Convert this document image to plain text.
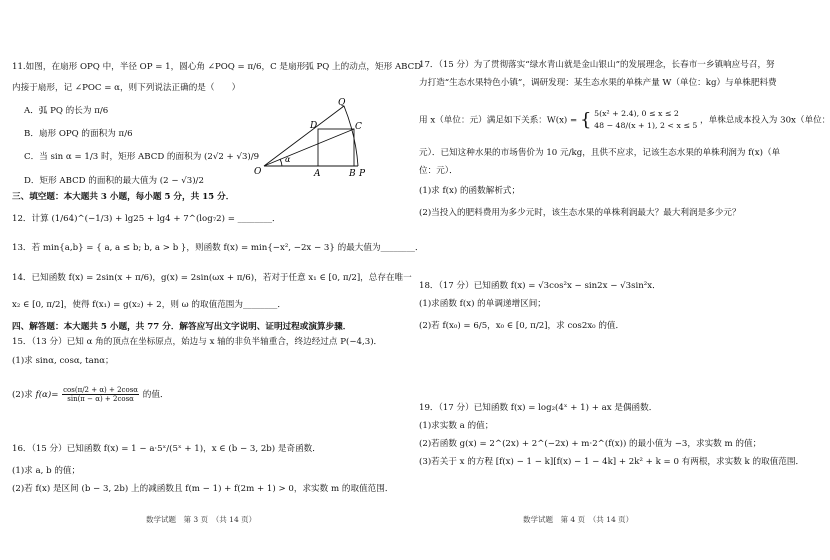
11.如图，在扇形 OPQ 中，半径 OP = 1，圆心角 ∠POQ = π/6，C 是扇形弧 PQ 上的动点，矩形 ABCD
内接于扇形，记 ∠POC = α，则下列说法正确的是（　　）
A．弧 PQ 的长为 π/6
B．扇形 OPQ 的面积为 π/6
C．当 sin α = 1/3 时，矩形 ABCD 的面积为 (2√2 + √3)/9
D．矩形 ABCD 的面积的最大值为 (2 − √3)/2
Q
D	C
O
α
A	B P
三、填空题：本大题共 3 小题，每小题 5 分，共 15 分．
12．计算 (1/64)^(−1/3) + lg25 + lg4 + 7^(log₇2) = ________．
13．若 min{a,b} = { a, a ≤ b; b, a > b }，则函数 f(x) = min{−x², −2x − 3} 的最大值为________．
14．已知函数 f(x) = 2sin(x + π/6)，g(x) = 2sin(ωx + π/6)，若对于任意 x₁ ∈ [0, π/2]，总存在唯一
x₂ ∈ [0, π/2]，使得 f(x₁) = g(x₂) + 2，则 ω 的取值范围为________．
四、解答题：本大题共 5 小题，共 77 分．解答应写出文字说明、证明过程或演算步骤．
15．（13 分）已知 α 角的顶点在坐标原点，始边与 x 轴的非负半轴重合，终边经过点 P(−4,3)．
(1)求 sinα, cosα, tanα；
(2)求 $f(\alpha)= \frac{\cos(\pi/2 + \alpha) + 2\cos\alpha}{\sin(\pi - \alpha) + 2\cos\alpha}$ 的值．
16．（15 分）已知函数 f(x) = 1 − a·5ˣ/(5ˣ + 1)，x ∈ (b − 3, 2b) 是奇函数．
(1)求 a, b 的值；
(2)若 f(x) 是区间 (b − 3, 2b) 上的减函数且 f(m − 1) + f(2m + 1) > 0，求实数 m 的取值范围．
数学试题　第 3 页　（共 14 页）
17．（15 分）为了贯彻落实“绿水青山就是金山银山”的发展理念，长春市一乡镇响应号召，努
力打造“生态水果特色小镇”，调研发现：某生态水果的单株产量 W（单位：kg）与单株肥料费
用 x（单位：元）满足如下关系：W(x) = { 5(x² + 2.4), 0 ≤ x ≤ 2
48 − 48/(x + 1), 2 < x ≤ 5 ，单株总成本投入为 30x（单位：
元）．已知这种水果的市场售价为 10 元/kg，且供不应求，记该生态水果的单株利润为 f(x)（单
位：元）．
(1)求 f(x) 的函数解析式；
(2)当投入的肥料费用为多少元时，该生态水果的单株利润最大？最大利润是多少元？
18．（17 分）已知函数 f(x) = √3cos²x − sin2x − √3sin²x．
(1)求函数 f(x) 的单调递增区间；
(2)若 f(x₀) = 6/5，x₀ ∈ [0, π/2]，求 cos2x₀ 的值．
19．（17 分）已知函数 f(x) = log₂(4ˣ + 1) + ax 是偶函数．
(1)求实数 a 的值；
(2)若函数 g(x) = 2^(2x) + 2^(−2x) + m·2^(f(x)) 的最小值为 −3，求实数 m 的值；
(3)若关于 x 的方程 [f(x) − 1 − k][f(x) − 1 − 4k] + 2k² + k = 0 有两根，求实数 k 的取值范围．
数学试题　第 4 页　（共 14 页）
